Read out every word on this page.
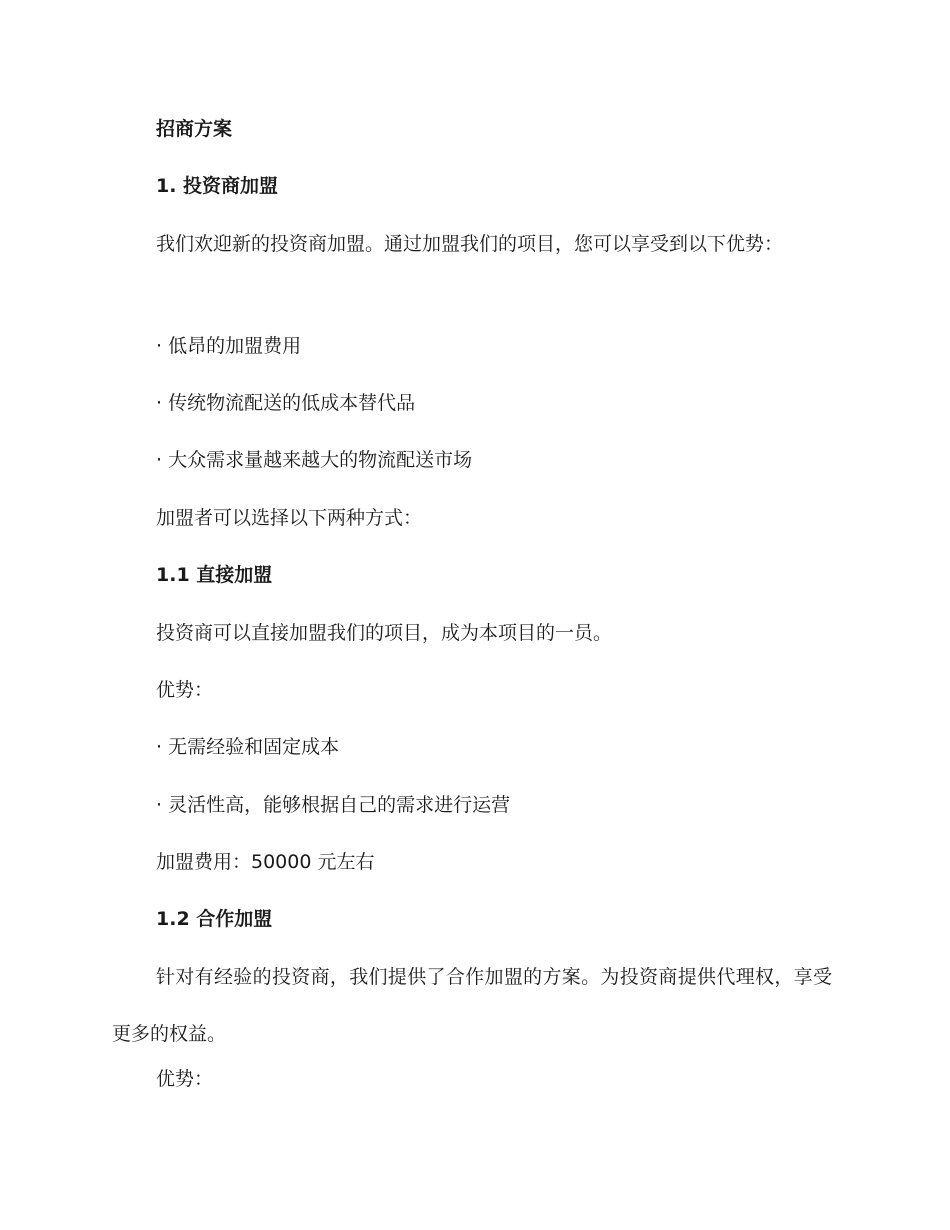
招商方案
1. 投资商加盟
我们欢迎新的投资商加盟。通过加盟我们的项目，您可以享受到以下优势：
· 低昂的加盟费用
· 传统物流配送的低成本替代品
· 大众需求量越来越大的物流配送市场
加盟者可以选择以下两种方式：
1.1 直接加盟
投资商可以直接加盟我们的项目，成为本项目的一员。
优势：
· 无需经验和固定成本
· 灵活性高，能够根据自己的需求进行运营
加盟费用：50000 元左右
1.2 合作加盟
针对有经验的投资商，我们提供了合作加盟的方案。为投资商提供代理权，享受更多的权益。
优势：
